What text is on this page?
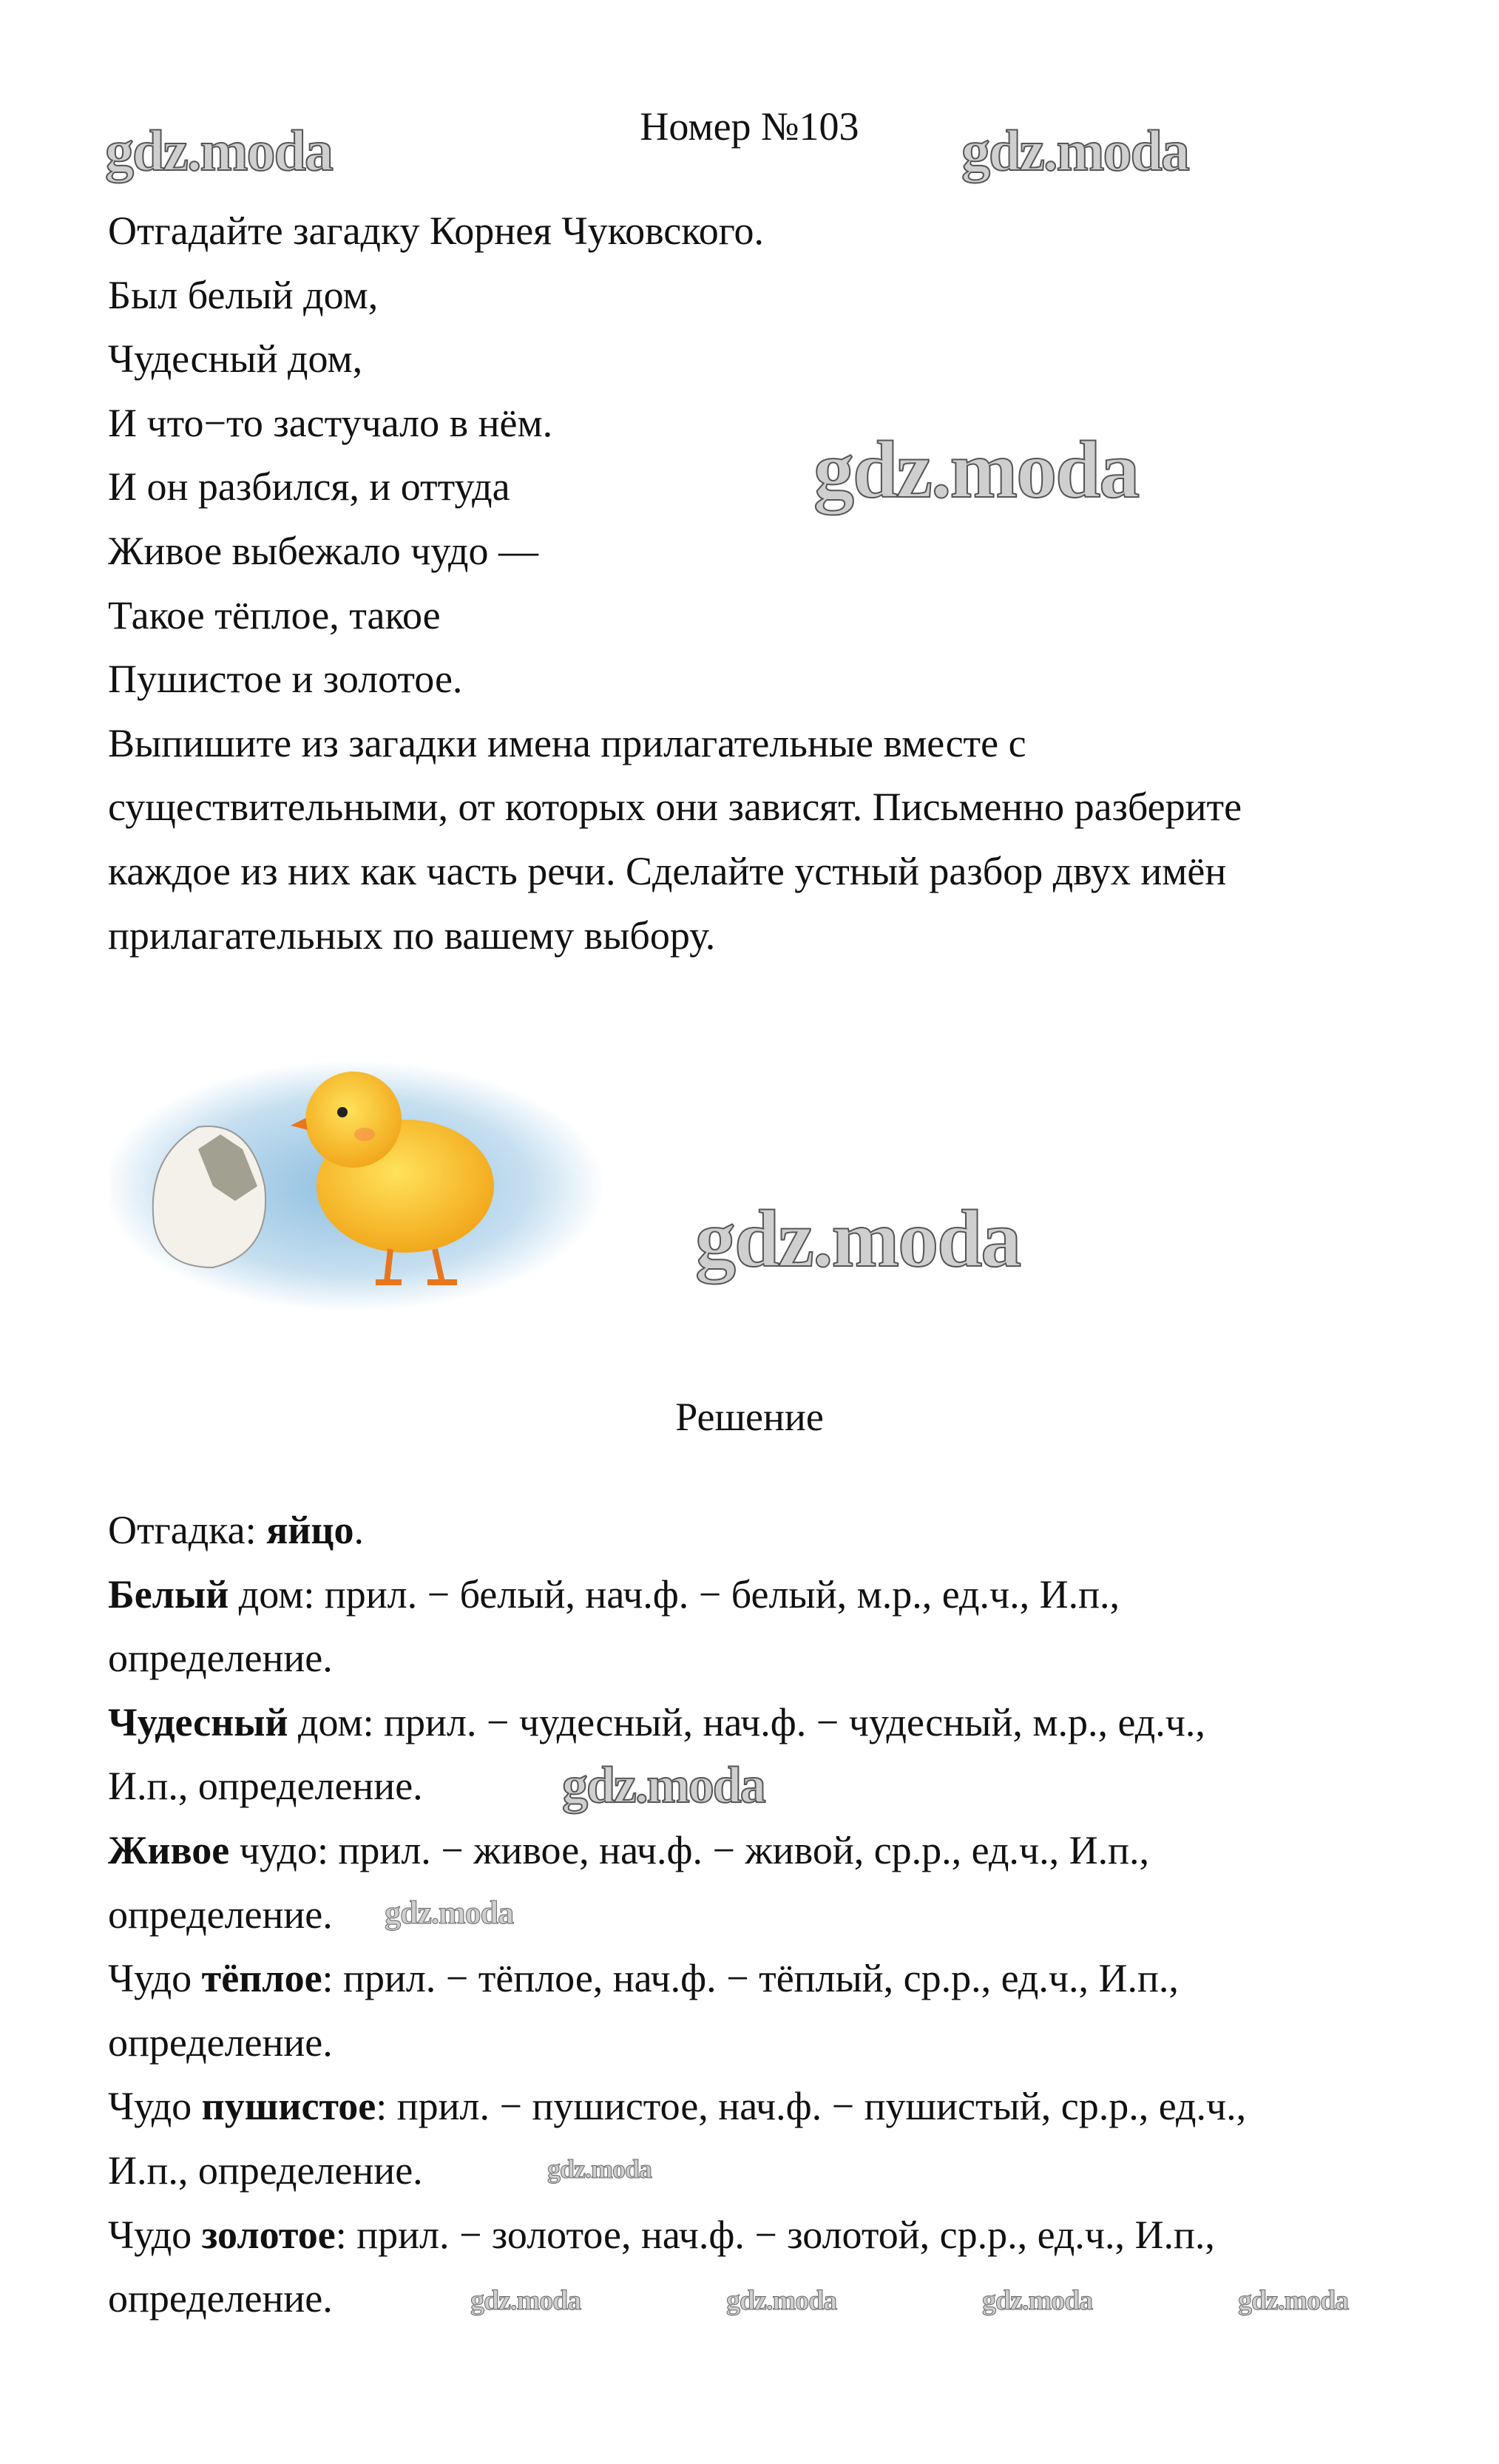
Номер №103
Отгадайте загадку Корнея Чуковского.
Был белый дом,
Чудесный дом,
И что−то застучало в нём.
И он разбился, и оттуда
Живое выбежало чудо —
Такое тёплое, такое
Пушистое и золотое.
Выпишите из загадки имена прилагательные вместе с
существительными, от которых они зависят. Письменно разберите
каждое из них как часть речи. Сделайте устный разбор двух имён
прилагательных по вашему выбору.
Решение
Отгадка: яйцо.
Белый дом: прил. − белый, нач.ф. − белый, м.р., ед.ч., И.п.,
определение.
Чудесный дом: прил. − чудесный, нач.ф. − чудесный, м.р., ед.ч.,
И.п., определение.
Живое чудо: прил. − живое, нач.ф. − живой, ср.р., ед.ч., И.п.,
определение.
Чудо тёплое: прил. − тёплое, нач.ф. − тёплый, ср.р., ед.ч., И.п.,
определение.
Чудо пушистое: прил. − пушистое, нач.ф. − пушистый, ср.р., ед.ч.,
И.п., определение.
Чудо золотое: прил. − золотое, нач.ф. − золотой, ср.р., ед.ч., И.п.,
определение.
gdz.moda	gdz.moda
gdz.moda
gdz.moda
gdz.moda
gdz.moda
gdz.moda
gdz.moda	gdz.moda	gdz.moda	gdz.moda
